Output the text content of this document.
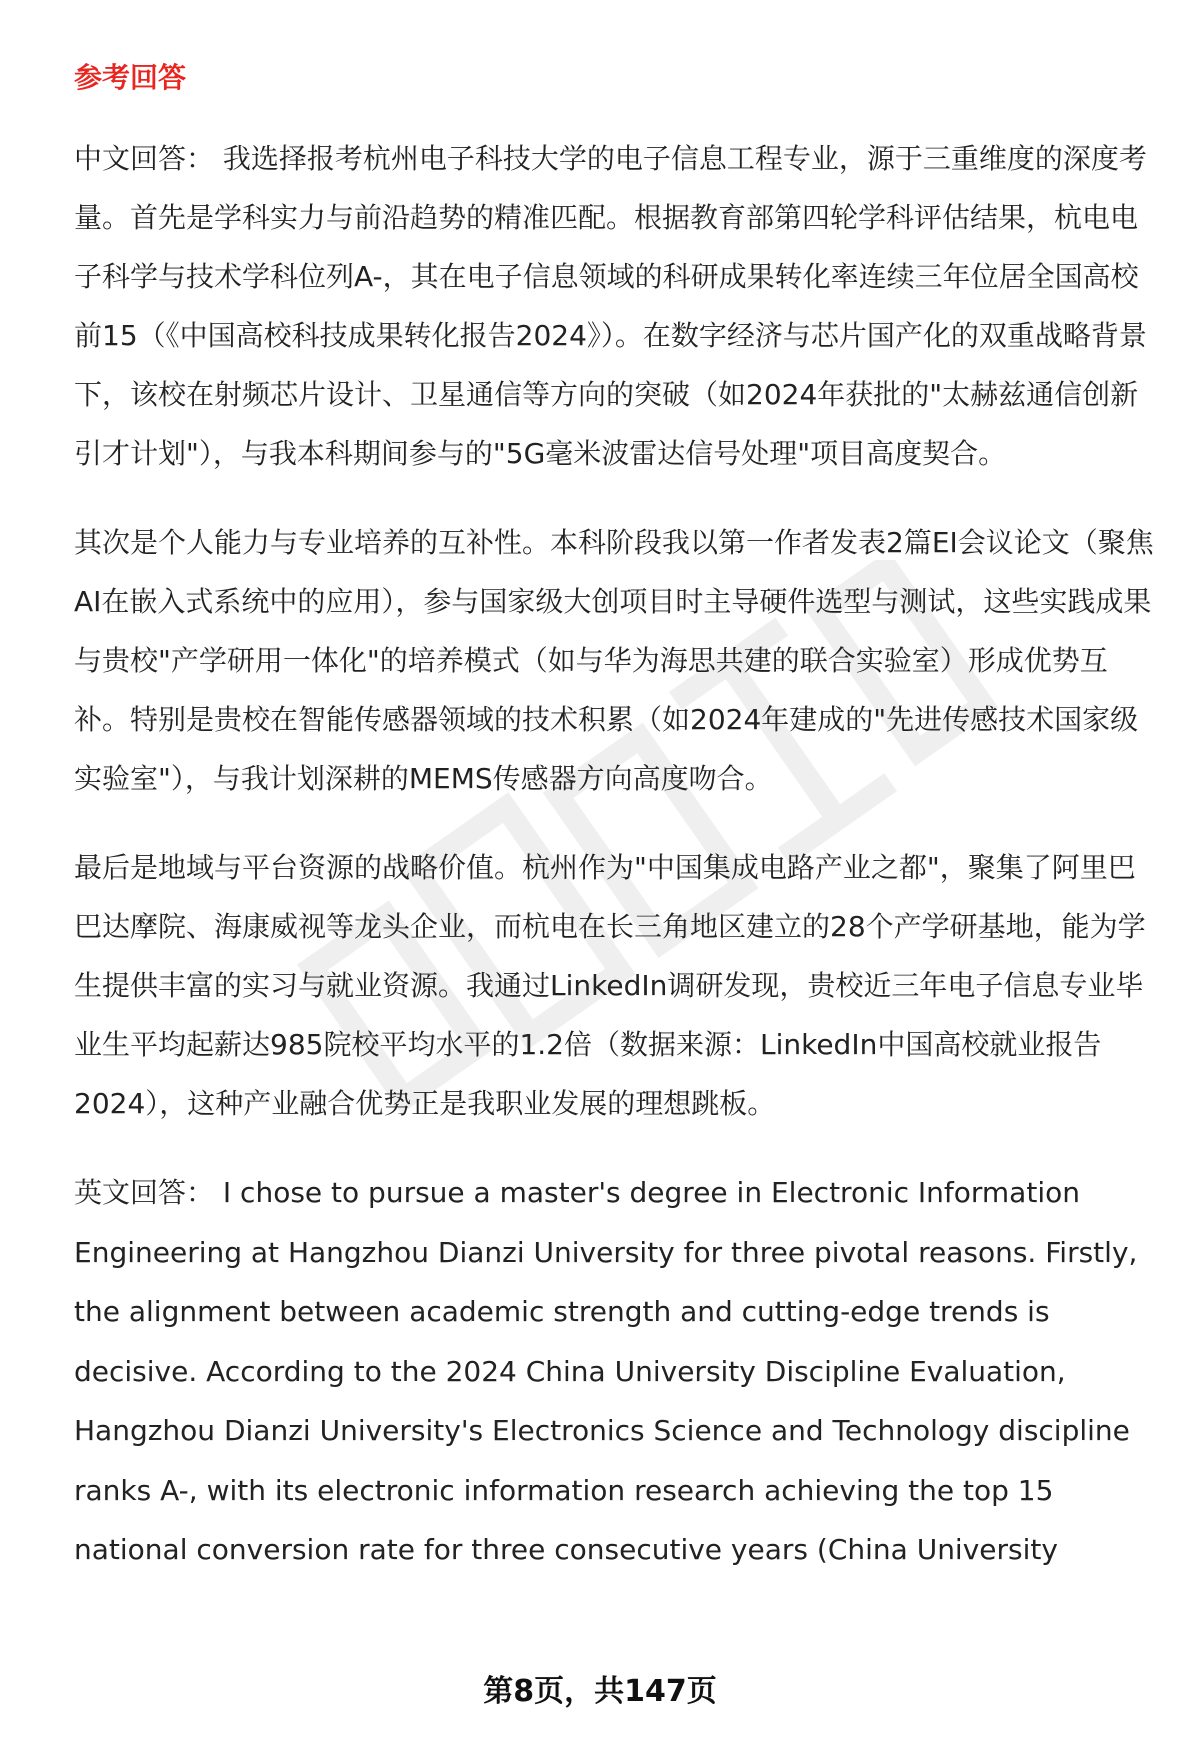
参考回答

中文回答： 我选择报考杭州电子科技大学的电子信息工程专业，源于三重维度的深度考量。首先是学科实力与前沿趋势的精准匹配。根据教育部第四轮学科评估结果，杭电电子科学与技术学科位列A-，其在电子信息领域的科研成果转化率连续三年位居全国高校前15（《中国高校科技成果转化报告2024》）。在数字经济与芯片国产化的双重战略背景下，该校在射频芯片设计、卫星通信等方向的突破（如2024年获批的"太赫兹通信创新引才计划"），与我本科期间参与的"5G毫米波雷达信号处理"项目高度契合。

其次是个人能力与专业培养的互补性。本科阶段我以第一作者发表2篇EI会议论文（聚焦AI在嵌入式系统中的应用），参与国家级大创项目时主导硬件选型与测试，这些实践成果与贵校"产学研用一体化"的培养模式（如与华为海思共建的联合实验室）形成优势互补。特别是贵校在智能传感器领域的技术积累（如2024年建成的"先进传感技术国家级实验室"），与我计划深耕的MEMS传感器方向高度吻合。

最后是地域与平台资源的战略价值。杭州作为"中国集成电路产业之都"，聚集了阿里巴巴达摩院、海康威视等龙头企业，而杭电在长三角地区建立的28个产学研基地，能为学生提供丰富的实习与就业资源。我通过LinkedIn调研发现，贵校近三年电子信息专业毕业生平均起薪达985院校平均水平的1.2倍（数据来源：LinkedIn中国高校就业报告2024），这种产业融合优势正是我职业发展的理想跳板。

英文回答： I chose to pursue a master's degree in Electronic Information Engineering at Hangzhou Dianzi University for three pivotal reasons. Firstly, the alignment between academic strength and cutting-edge trends is decisive. According to the 2024 China University Discipline Evaluation, Hangzhou Dianzi University's Electronics Science and Technology discipline ranks A-, with its electronic information research achieving the top 15 national conversion rate for three consecutive years (China University

第8页，共147页
